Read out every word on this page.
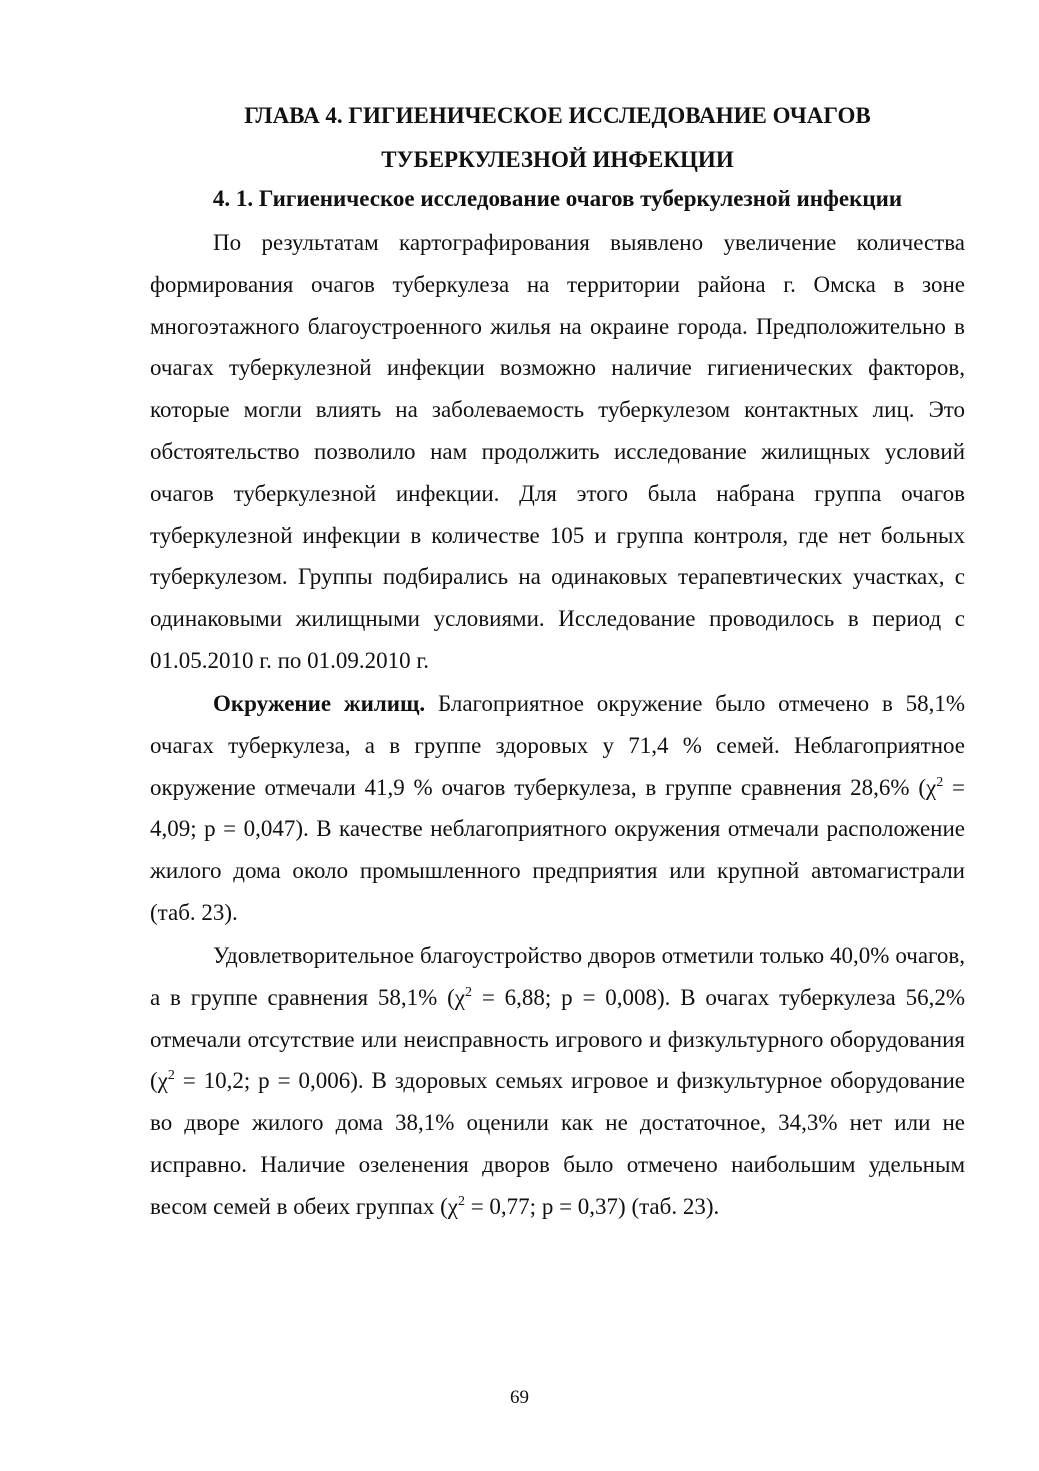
ГЛАВА 4. ГИГИЕНИЧЕСКОЕ ИССЛЕДОВАНИЕ ОЧАГОВ
ТУБЕРКУЛЕЗНОЙ ИНФЕКЦИИ
4. 1. Гигиеническое исследование очагов туберкулезной инфекции

По результатам картографирования выявлено увеличение количества формирования очагов туберкулеза на территории района г. Омска в зоне многоэтажного благоустроенного жилья на окраине города. Предположительно в очагах туберкулезной инфекции возможно наличие гигиенических факторов, которые могли влиять на заболеваемость туберкулезом контактных лиц. Это обстоятельство позволило нам продолжить исследование жилищных условий очагов туберкулезной инфекции. Для этого была набрана группа очагов туберкулезной инфекции в количестве 105 и группа контроля, где нет больных туберкулезом. Группы подбирались на одинаковых терапевтических участках, с одинаковыми жилищными условиями. Исследование проводилось в период с 01.05.2010 г. по 01.09.2010 г.

Окружение жилищ. Благоприятное окружение было отмечено в 58,1% очагах туберкулеза, а в группе здоровых у 71,4 % семей. Неблагоприятное окружение отмечали 41,9 % очагов туберкулеза, в группе сравнения 28,6% ($\chi^2 = 4,09$; р = 0,047). В качестве неблагоприятного окружения отмечали расположение жилого дома около промышленного предприятия или крупной автомагистрали (таб. 23).

Удовлетворительное благоустройство дворов отметили только 40,0% очагов, а в группе сравнения 58,1% ($\chi^2 = 6,88$; р = 0,008). В очагах туберкулеза 56,2% отмечали отсутствие или неисправность игрового и физкультурного оборудования ($\chi^2 = 10,2$; р = 0,006). В здоровых семьях игровое и физкультурное оборудование во дворе жилого дома 38,1% оценили как не достаточное, 34,3% нет или не исправно. Наличие озеленения дворов было отмечено наибольшим удельным весом семей в обеих группах ($\chi^2 = 0,77$; р = 0,37) (таб. 23).

69
